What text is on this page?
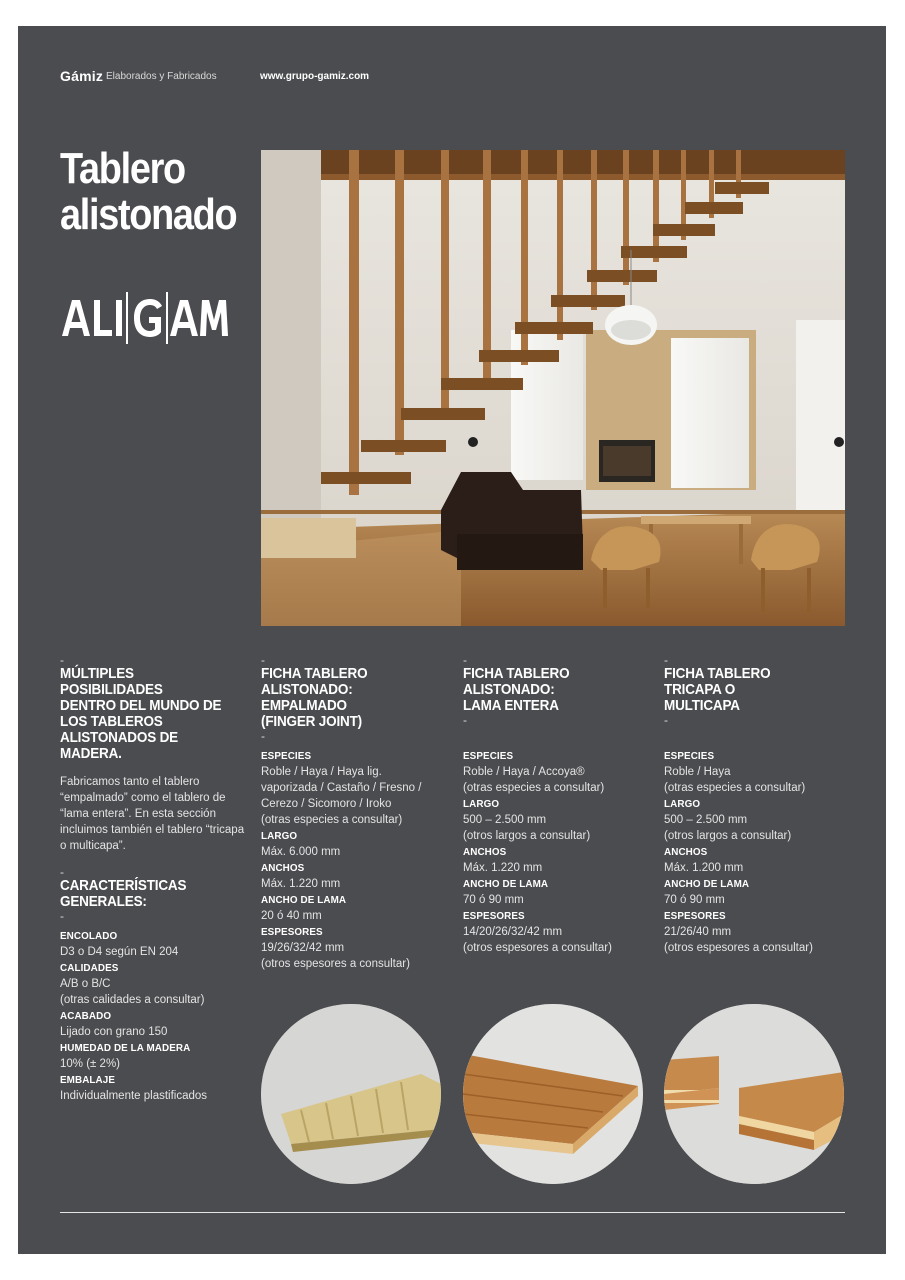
Gámiz Elaborados y Fabricados	www.grupo-gamiz.com
Tablero
alistonado
-
MÚLTIPLES POSIBILIDADES DENTRO DEL MUNDO DE LOS TABLEROS ALISTONADOS DE MADERA.

Fabricamos tanto el tablero “empalmado” como el tablero de “lama entera”. En esta sección incluimos también el tablero “tricapa o multicapa”.

-
CARACTERÍSTICAS GENERALES:
-
ENCOLADO
D3 o D4 según EN 204
CALIDADES
A/B o B/C
(otras calidades a consultar)
ACABADO
Lijado con grano 150
HUMEDAD DE LA MADERA
10% (± 2%)
EMBALAJE
Individualmente plastificados
-
FICHA TABLERO ALISTONADO: EMPALMADO (FINGER JOINT)
-
ESPECIES
Roble / Haya / Haya lig. vaporizada / Castaño / Fresno / Cerezo / Sicomoro / Iroko
(otras especies a consultar)
LARGO
Máx. 6.000 mm
ANCHOS
Máx. 1.220 mm
ANCHO DE LAMA
20 ó 40 mm
ESPESORES
19/26/32/42 mm
(otros espesores a consultar)
-
FICHA TABLERO ALISTONADO: LAMA ENTERA
-
ESPECIES
Roble / Haya / Accoya®
(otras especies a consultar)
LARGO
500 – 2.500 mm
(otros largos a consultar)
ANCHOS
Máx. 1.220 mm
ANCHO DE LAMA
70 ó 90 mm
ESPESORES
14/20/26/32/42 mm
(otros espesores a consultar)
-
FICHA TABLERO TRICAPA O MULTICAPA
-
ESPECIES
Roble / Haya
(otras especies a consultar)
LARGO
500 – 2.500 mm
(otros largos a consultar)
ANCHOS
Máx. 1.200 mm
ANCHO DE LAMA
70 ó 90 mm
ESPESORES
21/26/40 mm
(otros espesores a consultar)
